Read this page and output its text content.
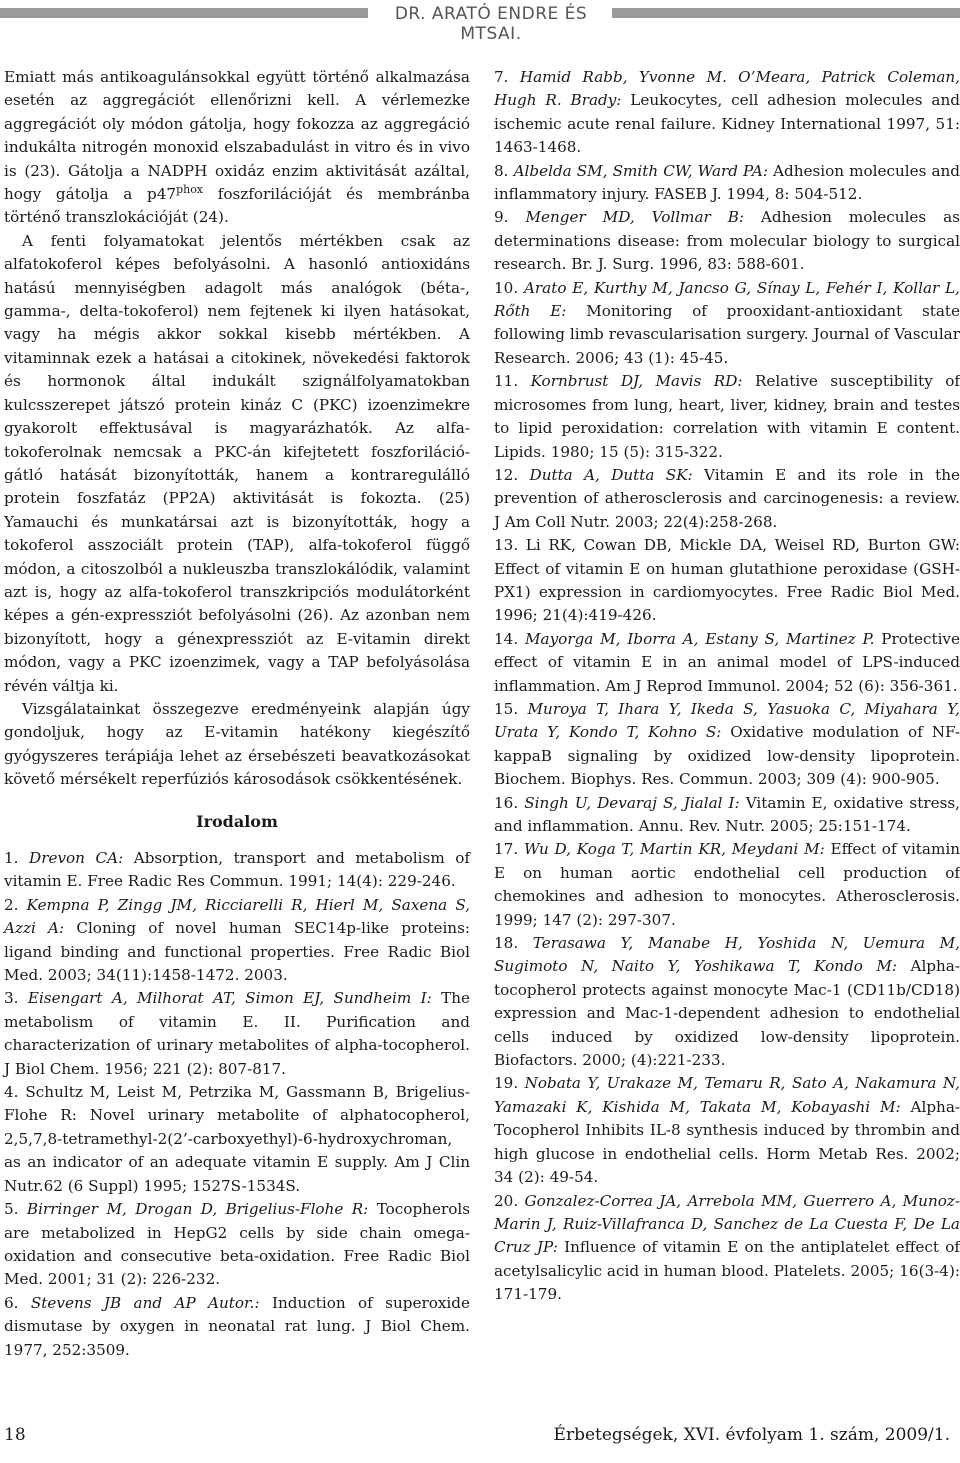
DR. ARATÓ ENDRE ÉS MTSAI.

Emiatt más antikoagulánsokkal együtt történő alkalmazása esetén az aggregációt ellenőrizni kell. A vérlemezke aggregációt oly módon gátolja, hogy fokozza az aggregáció indukálta nitrogén monoxid elszabadulást in vitro és in vivo is (23). Gátolja a NADPH oxidáz enzim aktivitását azáltal, hogy gátolja a $p47^{phox}$ foszforilációját és membránba történő transzlokációját (24).

A fenti folyamatokat jelentős mértékben csak az alfatokoferol képes befolyásolni. A hasonló antioxidáns hatású mennyiségben adagolt más analógok (béta-, gamma-, delta-tokoferol) nem fejtenek ki ilyen hatásokat, vagy ha mégis akkor sokkal kisebb mértékben. A vitaminnak ezek a hatásai a citokinek, növekedési faktorok és hormonok által indukált szignálfolyamatokban kulcsszerepet játszó protein kináz C (PKC) izoenzimekre gyakorolt effektusával is magyarázhatók. Az alfa-tokoferolnak nemcsak a PKC-án kifejtetett foszforiláció-gátló hatását bizonyították, hanem a kontraregulálló protein foszfatáz (PP2A) aktivitását is fokozta. (25) Yamauchi és munkatársai azt is bizonyították, hogy a tokoferol asszociált protein (TAP), alfa-tokoferol függő módon, a citoszolból a nukleuszba transzlokálódik, valamint azt is, hogy az alfa-tokoferol transzkripciós modulátorként képes a gén-expressziót befolyásolni (26). Az azonban nem bizonyított, hogy a génexpressziót az E-vitamin direkt módon, vagy a PKC izoenzimek, vagy a TAP befolyásolása révén váltja ki.

Vizsgálatainkat összegezve eredményeink alapján úgy gondoljuk, hogy az E-vitamin hatékony kiegészítő gyógyszeres terápiája lehet az érsebészeti beavatkozásokat követő mérsékelt reperfúziós károsodások csökkentésének.

Irodalom

1. Drevon CA: Absorption, transport and metabolism of vitamin E. Free Radic Res Commun. 1991; 14(4): 229-246.

2. Kempna P, Zingg JM, Ricciarelli R, Hierl M, Saxena S, Azzi A: Cloning of novel human SEC14p-like proteins: ligand binding and functional properties. Free Radic Biol Med. 2003; 34(11):1458-1472. 2003.

3. Eisengart A, Milhorat AT, Simon EJ, Sundheim I: The metabolism of vitamin E. II. Purification and characterization of urinary metabolites of alpha-tocopherol. J Biol Chem. 1956; 221 (2): 807-817.

4. Schultz M, Leist M, Petrzika M, Gassmann B, Brigelius-Flohe R: Novel urinary metabolite of alphatocopherol, 2,5,7,8-tetramethyl-2(2’-carboxyethyl)-6-hydroxychroman, as an indicator of an adequate vitamin E supply. Am J Clin Nutr.62 (6 Suppl) 1995; 1527S-1534S.

5. Birringer M, Drogan D, Brigelius-Flohe R: Tocopherols are metabolized in HepG2 cells by side chain omega-oxidation and consecutive beta-oxidation. Free Radic Biol Med. 2001; 31 (2): 226-232.

6. Stevens JB and AP Autor.: Induction of superoxide dismutase by oxygen in neonatal rat lung. J Biol Chem. 1977, 252:3509.

7. Hamid Rabb, Yvonne M. O’Meara, Patrick Coleman, Hugh R. Brady: Leukocytes, cell adhesion molecules and ischemic acute renal failure. Kidney International 1997, 51: 1463-1468.

8. Albelda SM, Smith CW, Ward PA: Adhesion molecules and inflammatory injury. FASEB J. 1994, 8: 504-512.

9. Menger MD, Vollmar B: Adhesion molecules as determinations disease: from molecular biology to surgical research. Br. J. Surg. 1996, 83: 588-601.

10. Arato E, Kurthy M, Jancso G, Sínay L, Fehér I, Kollar L, Rőth E: Monitoring of prooxidant-antioxidant state following limb revascularisation surgery. Journal of Vascular Research. 2006; 43 (1): 45-45.

11. Kornbrust DJ, Mavis RD: Relative susceptibility of microsomes from lung, heart, liver, kidney, brain and testes to lipid peroxidation: correlation with vitamin E content. Lipids. 1980; 15 (5): 315-322.

12. Dutta A, Dutta SK: Vitamin E and its role in the prevention of atherosclerosis and carcinogenesis: a review. J Am Coll Nutr. 2003; 22(4):258-268.

13. Li RK, Cowan DB, Mickle DA, Weisel RD, Burton GW: Effect of vitamin E on human glutathione peroxidase (GSH-PX1) expression in cardiomyocytes. Free Radic Biol Med. 1996; 21(4):419-426.

14. Mayorga M, Iborra A, Estany S, Martinez P. Protective effect of vitamin E in an animal model of LPS-induced inflammation. Am J Reprod Immunol. 2004; 52 (6): 356-361.

15. Muroya T, Ihara Y, Ikeda S, Yasuoka C, Miyahara Y, Urata Y, Kondo T, Kohno S: Oxidative modulation of NF-kappaB signaling by oxidized low-density lipoprotein. Biochem. Biophys. Res. Commun. 2003; 309 (4): 900-905.

16. Singh U, Devaraj S, Jialal I: Vitamin E, oxidative stress, and inflammation. Annu. Rev. Nutr. 2005; 25:151-174.

17. Wu D, Koga T, Martin KR, Meydani M: Effect of vitamin E on human aortic endothelial cell production of chemokines and adhesion to monocytes. Atherosclerosis. 1999; 147 (2): 297-307.

18. Terasawa Y, Manabe H, Yoshida N, Uemura M, Sugimoto N, Naito Y, Yoshikawa T, Kondo M: Alpha-tocopherol protects against monocyte Mac-1 (CD11b/CD18) expression and Mac-1-dependent adhesion to endothelial cells induced by oxidized low-density lipoprotein. Biofactors. 2000; (4):221-233.

19. Nobata Y, Urakaze M, Temaru R, Sato A, Nakamura N, Yamazaki K, Kishida M, Takata M, Kobayashi M: Alpha-Tocopherol Inhibits IL-8 synthesis induced by thrombin and high glucose in endothelial cells. Horm Metab Res. 2002; 34 (2): 49-54.

20. Gonzalez-Correa JA, Arrebola MM, Guerrero A, Munoz-Marin J, Ruiz-Villafranca D, Sanchez de La Cuesta F, De La Cruz JP: Influence of vitamin E on the antiplatelet effect of acetylsalicylic acid in human blood. Platelets. 2005; 16(3-4): 171-179.

18	Érbetegségek, XVI. évfolyam 1. szám, 2009/1.
